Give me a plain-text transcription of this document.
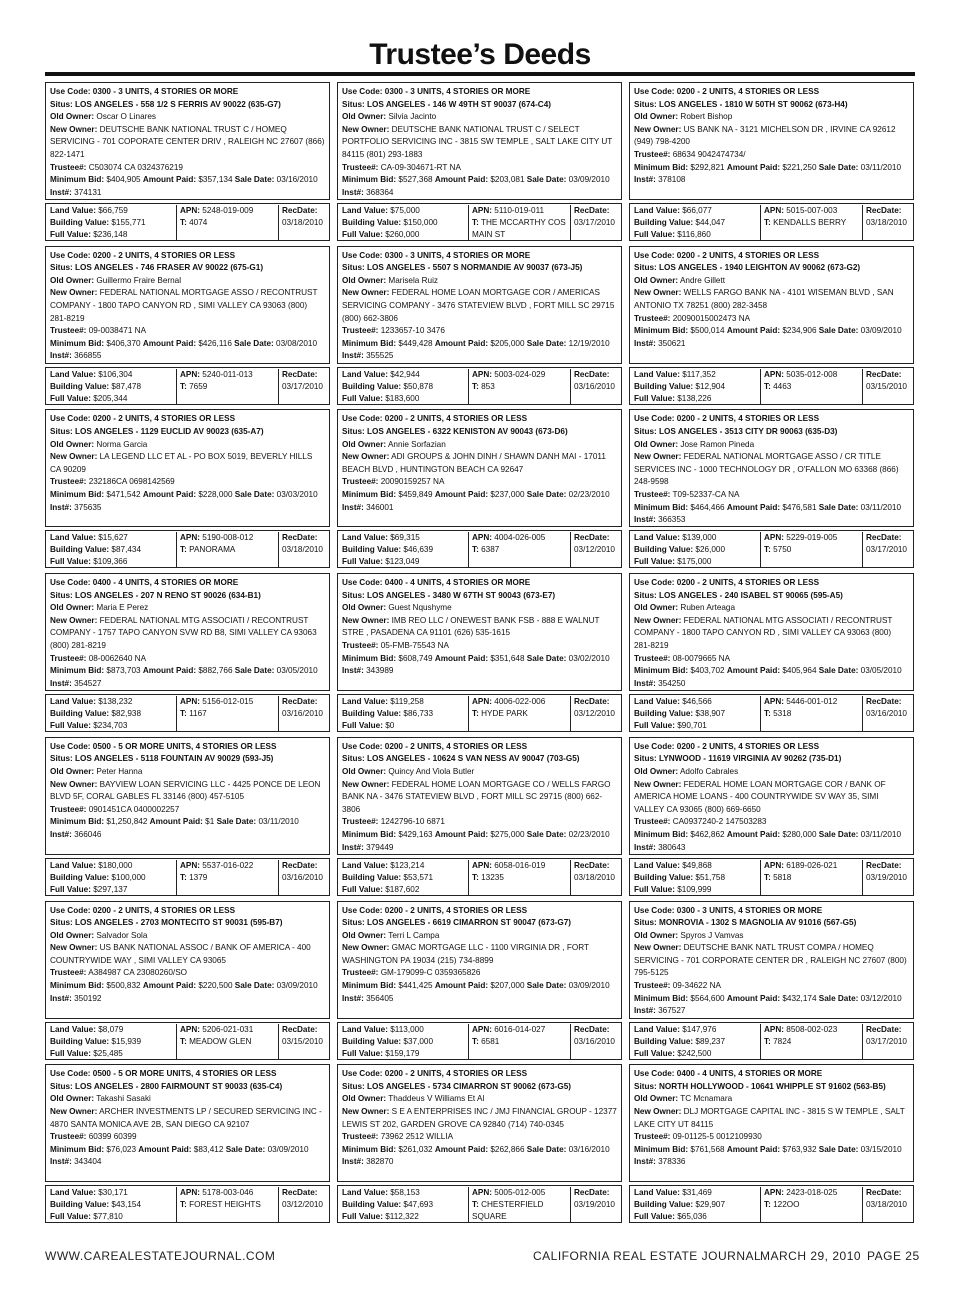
Trustee’s Deeds
Use Code: 0300 - 3 UNITS, 4 STORIES OR MORE
Situs: LOS ANGELES - 558 1/2 S FERRIS AV 90022 (635-G7)
Old Owner: Oscar O Linares
New Owner: DEUTSCHE BANK NATIONAL TRUST C / HOMEQ SERVICING - 701 COPORATE CENTER DRIV , RALEIGH NC 27607 (866) 822-1471
Trustee#: C503074 CA 0324376219
Minimum Bid: $404,905 Amount Paid: $357,134 Sale Date: 03/16/2010
Inst#: 374131
Land Value: $66,759
Building Value: $155,771
Full Value: $236,148
APN: 5248-019-009
T: 4074
RecDate:
03/18/2010
Use Code: 0200 - 2 UNITS, 4 STORIES OR LESS
Situs: LOS ANGELES - 746 FRASER AV 90022 (675-G1)
Old Owner: Guillermo Fraire Bernal
New Owner: FEDERAL NATIONAL MORTGAGE ASSO / RECONTRUST COMPANY - 1800 TAPO CANYON RD , SIMI VALLEY CA 93063 (800) 281-8219
Trustee#: 09-0038471 NA
Minimum Bid: $406,370 Amount Paid: $426,116 Sale Date: 03/08/2010
Inst#: 366855
Land Value: $106,304
Building Value: $87,478
Full Value: $205,344
APN: 5240-011-013
T: 7659
RecDate:
03/17/2010
Use Code: 0200 - 2 UNITS, 4 STORIES OR LESS
Situs: LOS ANGELES - 1129 EUCLID AV 90023 (635-A7)
Old Owner: Norma Garcia
New Owner: LA LEGEND LLC ET AL - PO BOX 5019, BEVERLY HILLS CA 90209
Trustee#: 232186CA 0698142569
Minimum Bid: $471,542 Amount Paid: $228,000 Sale Date: 03/03/2010
Inst#: 375635
Land Value: $15,627
Building Value: $87,434
Full Value: $109,366
APN: 5190-008-012
T: PANORAMA
RecDate:
03/18/2010
Use Code: 0400 - 4 UNITS, 4 STORIES OR MORE
Situs: LOS ANGELES - 207 N RENO ST 90026 (634-B1)
Old Owner: Maria E Perez
New Owner: FEDERAL NATIONAL MTG ASSOCIATI / RECONTRUST COMPANY - 1757 TAPO CANYON SVW RD B8, SIMI VALLEY CA 93063 (800) 281-8219
Trustee#: 08-0062640 NA
Minimum Bid: $873,703 Amount Paid: $882,766 Sale Date: 03/05/2010
Inst#: 354527
Land Value: $138,232
Building Value: $82,938
Full Value: $234,703
APN: 5156-012-015
T: 1167
RecDate:
03/16/2010
Use Code: 0500 - 5 OR MORE UNITS, 4 STORIES OR LESS
Situs: LOS ANGELES - 5118 FOUNTAIN AV 90029 (593-J5)
Old Owner: Peter Hanna
New Owner: BAYVIEW LOAN SERVICING LLC - 4425 PONCE DE LEON BLVD 5F, CORAL GABLES FL 33146 (800) 457-5105
Trustee#: 0901451CA 0400002257
Minimum Bid: $1,250,842 Amount Paid: $1 Sale Date: 03/11/2010
Inst#: 366046
Land Value: $180,000
Building Value: $100,000
Full Value: $297,137
APN: 5537-016-022
T: 1379
RecDate:
03/16/2010
Use Code: 0200 - 2 UNITS, 4 STORIES OR LESS
Situs: LOS ANGELES - 2703 MONTECITO ST 90031 (595-B7)
Old Owner: Salvador Sola
New Owner: US BANK NATIONAL ASSOC / BANK OF AMERICA - 400 COUNTRYWIDE WAY , SIMI VALLEY CA 93065
Trustee#: A384987 CA 23080260/SO
Minimum Bid: $500,832 Amount Paid: $220,500 Sale Date: 03/09/2010
Inst#: 350192
Land Value: $8,079
Building Value: $15,939
Full Value: $25,485
APN: 5206-021-031
T: MEADOW GLEN
RecDate:
03/15/2010
Use Code: 0500 - 5 OR MORE UNITS, 4 STORIES OR LESS
Situs: LOS ANGELES - 2800 FAIRMOUNT ST 90033 (635-C4)
Old Owner: Takashi Sasaki
New Owner: ARCHER INVESTMENTS LP / SECURED SERVICING INC - 4870 SANTA MONICA AVE 2B, SAN DIEGO CA 92107
Trustee#: 60399 60399
Minimum Bid: $76,023 Amount Paid: $83,412 Sale Date: 03/09/2010
Inst#: 343404
Land Value: $30,171
Building Value: $43,154
Full Value: $77,810
APN: 5178-003-046
T: FOREST HEIGHTS
RecDate:
03/12/2010
Use Code: 0300 - 3 UNITS, 4 STORIES OR MORE
Situs: LOS ANGELES - 146 W 49TH ST 90037 (674-C4)
Old Owner: Silvia Jacinto
New Owner: DEUTSCHE BANK NATIONAL TRUST C / SELECT PORTFOLIO SERVICING INC - 3815 SW TEMPLE , SALT LAKE CITY UT 84115 (801) 293-1883
Trustee#: CA-09-304671-RT NA
Minimum Bid: $527,368 Amount Paid: $203,081 Sale Date: 03/09/2010
Inst#: 368364
Land Value: $75,000
Building Value: $150,000
Full Value: $260,000
APN: 5110-019-011
T: THE MCCARTHY COS MAIN ST
RecDate:
03/17/2010
Use Code: 0300 - 3 UNITS, 4 STORIES OR MORE
Situs: LOS ANGELES - 5507 S NORMANDIE AV 90037 (673-J5)
Old Owner: Marisela Ruiz
New Owner: FEDERAL HOME LOAN MORTGAGE COR / AMERICAS SERVICING COMPANY - 3476 STATEVIEW BLVD , FORT MILL SC 29715 (800) 662-3806
Trustee#: 1233657-10 3476
Minimum Bid: $449,428 Amount Paid: $205,000 Sale Date: 12/19/2010
Inst#: 355525
Land Value: $42,944
Building Value: $50,878
Full Value: $183,600
APN: 5003-024-029
T: 853
RecDate:
03/16/2010
Use Code: 0200 - 2 UNITS, 4 STORIES OR LESS
Situs: LOS ANGELES - 6322 KENISTON AV 90043 (673-D6)
Old Owner: Annie Sorfazian
New Owner: ADI GROUPS & JOHN DINH / SHAWN DANH MAI - 17011 BEACH BLVD , HUNTINGTON BEACH CA 92647
Trustee#: 20090159257 NA
Minimum Bid: $459,849 Amount Paid: $237,000 Sale Date: 02/23/2010
Inst#: 346001
Land Value: $69,315
Building Value: $46,639
Full Value: $123,049
APN: 4004-026-005
T: 6387
RecDate:
03/12/2010
Use Code: 0400 - 4 UNITS, 4 STORIES OR MORE
Situs: LOS ANGELES - 3480 W 67TH ST 90043 (673-E7)
Old Owner: Guest Nqushyme
New Owner: IMB REO LLC / ONEWEST BANK FSB - 888 E WALNUT STRE , PASADENA CA 91101 (626) 535-1615
Trustee#: 05-FMB-75543 NA
Minimum Bid: $608,749 Amount Paid: $351,648 Sale Date: 03/02/2010
Inst#: 343989
Land Value: $119,258
Building Value: $86,733
Full Value: $0
APN: 4006-022-006
T: HYDE PARK
RecDate:
03/12/2010
Use Code: 0200 - 2 UNITS, 4 STORIES OR LESS
Situs: LOS ANGELES - 10624 S VAN NESS AV 90047 (703-G5)
Old Owner: Quincy And Viola Butler
New Owner: FEDERAL HOME LOAN MORTGAGE CO / WELLS FARGO BANK NA - 3476 STATEVIEW BLVD , FORT MILL SC 29715 (800) 662-3806
Trustee#: 1242796-10 6871
Minimum Bid: $429,163 Amount Paid: $275,000 Sale Date: 02/23/2010
Inst#: 379449
Land Value: $123,214
Building Value: $53,571
Full Value: $187,602
APN: 6058-016-019
T: 13235
RecDate:
03/18/2010
Use Code: 0200 - 2 UNITS, 4 STORIES OR LESS
Situs: LOS ANGELES - 6619 CIMARRON ST 90047 (673-G7)
Old Owner: Terri L Campa
New Owner: GMAC MORTGAGE LLC - 1100 VIRGINIA DR , FORT WASHINGTON PA 19034 (215) 734-8899
Trustee#: GM-179099-C 0359365826
Minimum Bid: $441,425 Amount Paid: $207,000 Sale Date: 03/09/2010
Inst#: 356405
Land Value: $113,000
Building Value: $37,000
Full Value: $159,179
APN: 6016-014-027
T: 6581
RecDate:
03/16/2010
Use Code: 0200 - 2 UNITS, 4 STORIES OR LESS
Situs: LOS ANGELES - 5734 CIMARRON ST 90062 (673-G5)
Old Owner: Thaddeus V Williams Et Al
New Owner: S E A ENTERPRISES INC / JMJ FINANCIAL GROUP - 12377 LEWIS ST 202, GARDEN GROVE CA 92840 (714) 740-0345
Trustee#: 73962 2512 WILLIA
Minimum Bid: $261,032 Amount Paid: $262,866 Sale Date: 03/16/2010
Inst#: 382870
Land Value: $58,153
Building Value: $47,693
Full Value: $112,322
APN: 5005-012-005
T: CHESTERFIELD SQUARE
RecDate:
03/19/2010
Use Code: 0200 - 2 UNITS, 4 STORIES OR LESS
Situs: LOS ANGELES - 1810 W 50TH ST 90062 (673-H4)
Old Owner: Robert Bishop
New Owner: US BANK NA - 3121 MICHELSON DR , IRVINE CA 92612 (949) 798-4200
Trustee#: 68634 9042474734/
Minimum Bid: $292,821 Amount Paid: $221,250 Sale Date: 03/11/2010
Inst#: 378108
Land Value: $66,077
Building Value: $44,047
Full Value: $116,860
APN: 5015-007-003
T: KENDALLS BERRY
RecDate:
03/18/2010
Use Code: 0200 - 2 UNITS, 4 STORIES OR LESS
Situs: LOS ANGELES - 1940 LEIGHTON AV 90062 (673-G2)
Old Owner: Andre Gillett
New Owner: WELLS FARGO BANK NA - 4101 WISEMAN BLVD , SAN ANTONIO TX 78251 (800) 282-3458
Trustee#: 20090015002473 NA
Minimum Bid: $500,014 Amount Paid: $234,906 Sale Date: 03/09/2010
Inst#: 350621
Land Value: $117,352
Building Value: $12,904
Full Value: $138,226
APN: 5035-012-008
T: 4463
RecDate:
03/15/2010
Use Code: 0200 - 2 UNITS, 4 STORIES OR LESS
Situs: LOS ANGELES - 3513 CITY DR 90063 (635-D3)
Old Owner: Jose Ramon Pineda
New Owner: FEDERAL NATIONAL MORTGAGE ASSO / CR TITLE SERVICES INC - 1000 TECHNOLOGY DR , O'FALLON MO 63368 (866) 248-9598
Trustee#: T09-52337-CA NA
Minimum Bid: $464,466 Amount Paid: $476,581 Sale Date: 03/11/2010
Inst#: 366353
Land Value: $139,000
Building Value: $26,000
Full Value: $175,000
APN: 5229-019-005
T: 5750
RecDate:
03/17/2010
Use Code: 0200 - 2 UNITS, 4 STORIES OR LESS
Situs: LOS ANGELES - 240 ISABEL ST 90065 (595-A5)
Old Owner: Ruben Arteaga
New Owner: FEDERAL NATIONAL MTG ASSOCIATI / RECONTRUST COMPANY - 1800 TAPO CANYON RD , SIMI VALLEY CA 93063 (800) 281-8219
Trustee#: 08-0079665 NA
Minimum Bid: $403,702 Amount Paid: $405,964 Sale Date: 03/05/2010
Inst#: 354250
Land Value: $46,566
Building Value: $38,907
Full Value: $90,701
APN: 5446-001-012
T: 5318
RecDate:
03/16/2010
Use Code: 0200 - 2 UNITS, 4 STORIES OR LESS
Situs: LYNWOOD - 11619 VIRGINIA AV 90262 (735-D1)
Old Owner: Adolfo Cabrales
New Owner: FEDERAL HOME LOAN MORTGAGE COR / BANK OF AMERICA HOME LOANS - 400 COUNTRYWIDE SV WAY 35, SIMI VALLEY CA 93065 (800) 669-6650
Trustee#: CA0937240-2 147503283
Minimum Bid: $462,862 Amount Paid: $280,000 Sale Date: 03/11/2010
Inst#: 380643
Land Value: $49,868
Building Value: $51,758
Full Value: $109,999
APN: 6189-026-021
T: 5818
RecDate:
03/19/2010
Use Code: 0300 - 3 UNITS, 4 STORIES OR MORE
Situs: MONROVIA - 1302 S MAGNOLIA AV 91016 (567-G5)
Old Owner: Spyros J Vamvas
New Owner: DEUTSCHE BANK NATL TRUST COMPA / HOMEQ SERVICING - 701 CORPORATE CENTER DR , RALEIGH NC 27607 (800) 795-5125
Trustee#: 09-34622 NA
Minimum Bid: $564,600 Amount Paid: $432,174 Sale Date: 03/12/2010
Inst#: 367527
Land Value: $147,976
Building Value: $89,237
Full Value: $242,500
APN: 8508-002-023
T: 7824
RecDate:
03/17/2010
Use Code: 0400 - 4 UNITS, 4 STORIES OR MORE
Situs: NORTH HOLLYWOOD - 10641 WHIPPLE ST 91602 (563-B5)
Old Owner: TC Mcnamara
New Owner: DLJ MORTGAGE CAPITAL INC - 3815 S W TEMPLE , SALT LAKE CITY UT 84115
Trustee#: 09-01125-5 0012109930
Minimum Bid: $761,568 Amount Paid: $763,932 Sale Date: 03/15/2010
Inst#: 378336
Land Value: $31,469
Building Value: $29,907
Full Value: $65,036
APN: 2423-018-025
T: 122OO
RecDate:
03/18/2010
WWW.CAREALESTATEJOURNAL.COM	CALIFORNIA REAL ESTATE JOURNAL
MARCH 29, 2010 PAGE 25
